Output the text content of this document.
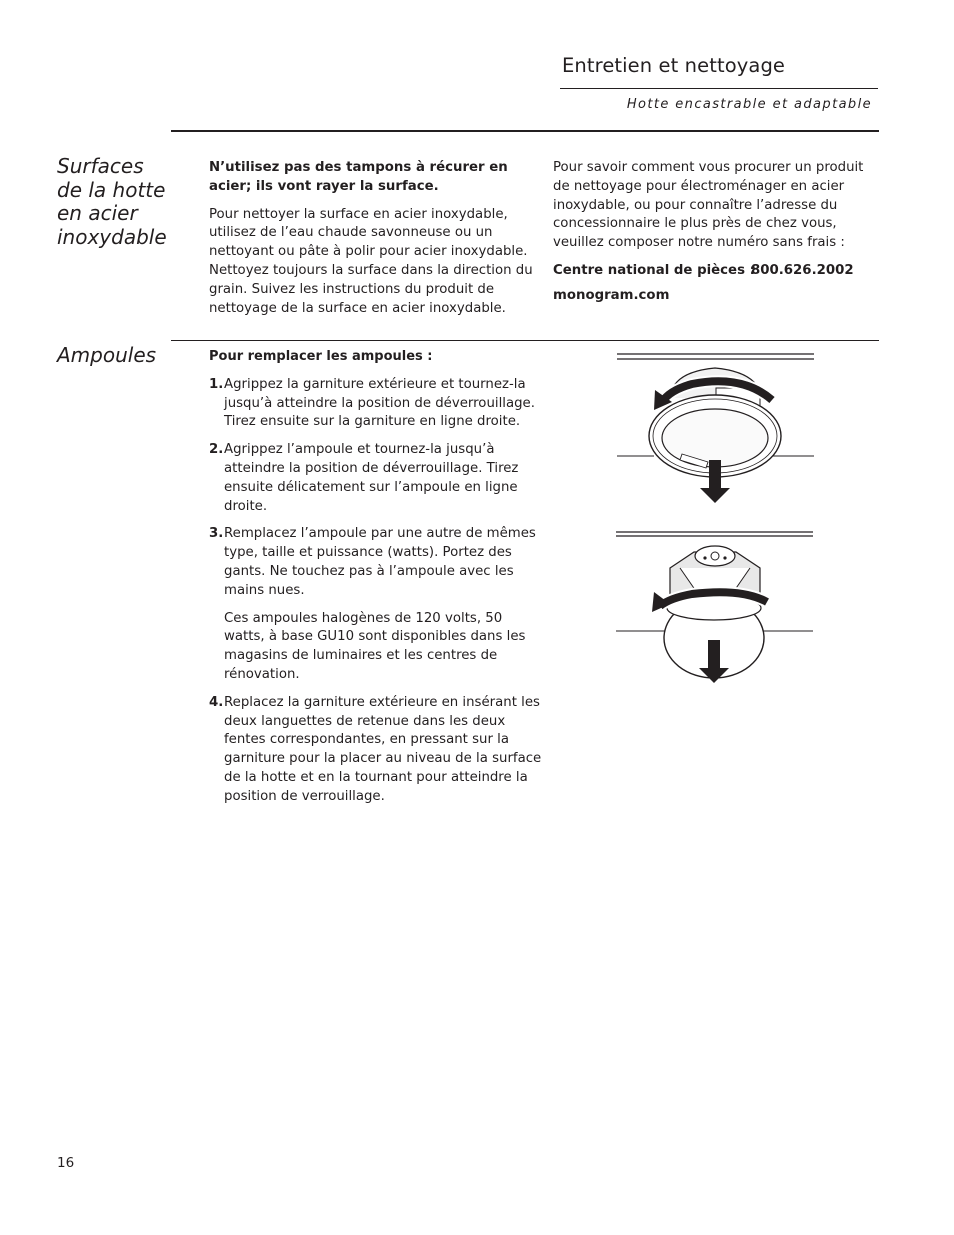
Entretien et nettoyage
Hotte encastrable et adaptable
Surfaces
de la hotte
en acier
inoxydable

N’utilisez pas des tampons à récurer en acier; ils vont rayer la surface.

Pour nettoyer la surface en acier inoxydable, utilisez de l’eau chaude savonneuse ou un nettoyant ou pâte à polir pour acier inoxydable. Nettoyez toujours la surface dans la direction du grain. Suivez les instructions du produit de nettoyage de la surface en acier inoxydable.

Pour savoir comment vous procurer un produit de nettoyage pour électroménager en acier inoxydable, ou pour connaître l’adresse du concessionnaire le plus près de chez vous, veuillez composer notre numéro sans frais :

Centre national de pièces :
800.626.2002
monogram.com
Ampoules	Pour remplacer les ampoules :

1. Agrippez la garniture extérieure et tournez-la jusqu’à atteindre la position de déverrouillage. Tirez ensuite sur la garniture en ligne droite.
2. Agrippez l’ampoule et tournez-la jusqu’à atteindre la position de déverrouillage. Tirez ensuite délicatement sur l’ampoule en ligne droite.
3. Remplacez l’ampoule par une autre de mêmes type, taille et puissance (watts). Portez des gants. Ne touchez pas à l’ampoule avec les mains nues.
Ces ampoules halogènes de 120 volts, 50 watts, à base GU10 sont disponibles dans les magasins de luminaires et les centres de rénovation.
4. Replacez la garniture extérieure en insérant les deux languettes de retenue dans les deux fentes correspondantes, en pressant sur la garniture pour la placer au niveau de la surface de la hotte et en la tournant pour atteindre la position de verrouillage.
16
